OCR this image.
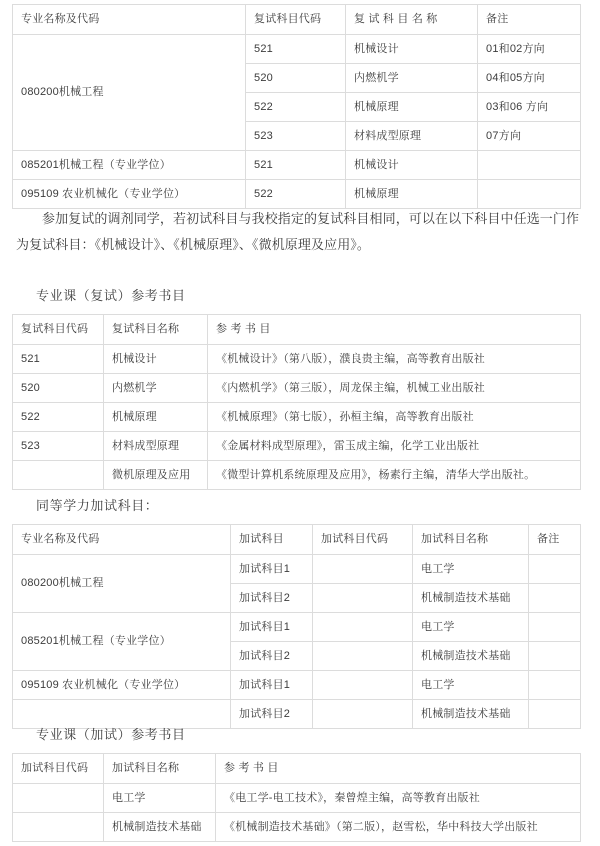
专业名称及代码	复试科目代码	复 试 科 目 名 称	备注
080200机械工程	521	机械设计	01和02方向
	520	内燃机学	04和05方向
	522	机械原理	03和06 方向
	523	材料成型原理	07方向
085201机械工程（专业学位）	521	机械设计	
095109 农业机械化（专业学位）	522	机械原理	
参加复试的调剂同学，若初试科目与我校指定的复试科目相同，可以在以下科目中任选一门作为复试科目：《机械设计》、《机械原理》、《微机原理及应用》。
专业课（复试）参考书目
复试科目代码	复试科目名称	参 考 书 目
521	机械设计	《机械设计》（第八版），濮良贵主编，高等教育出版社
520	内燃机学	《内燃机学》（第三版），周龙保主编，机械工业出版社
522	机械原理	《机械原理》（第七版），孙桓主编，高等教育出版社
523	材料成型原理	《金属材料成型原理》，雷玉成主编，化学工业出版社
	微机原理及应用	《微型计算机系统原理及应用》，杨素行主编，清华大学出版社。
同等学力加试科目：
专业名称及代码	加试科目	加试科目代码	加试科目名称	备注
080200机械工程	加试科目1		电工学	
	加试科目2		机械制造技术基础	
085201机械工程（专业学位）	加试科目1		电工学	
	加试科目2		机械制造技术基础	
095109 农业机械化（专业学位）	加试科目1		电工学	
	加试科目2		机械制造技术基础	
专业课（加试）参考书目
加试科目代码	加试科目名称	参 考 书 目
	电工学	《电工学-电工技术》，秦曾煌主编，高等教育出版社
	机械制造技术基础	《机械制造技术基础》（第二版），赵雪松，华中科技大学出版社
